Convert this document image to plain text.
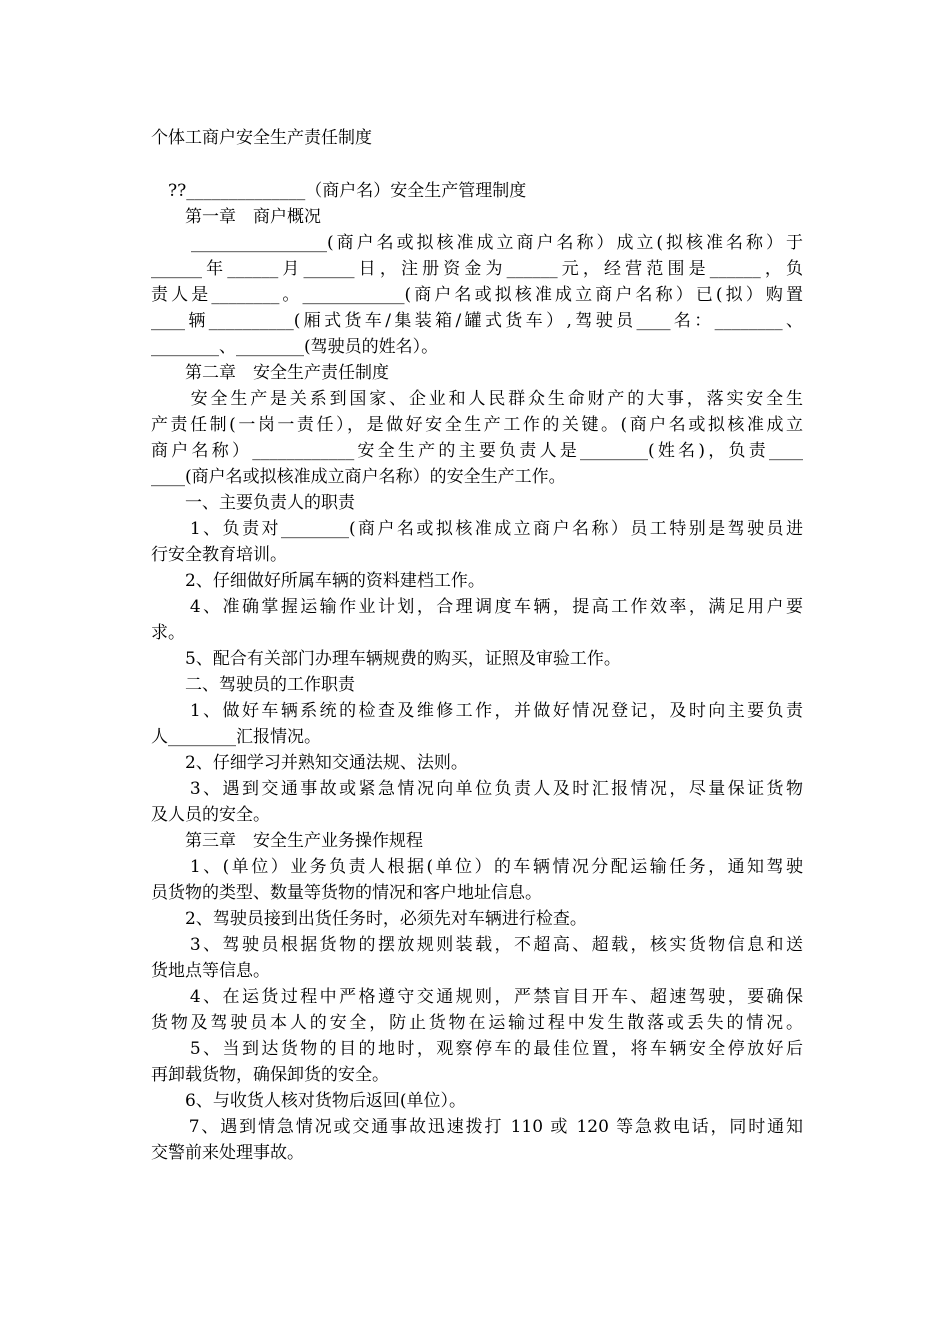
个体工商户安全生产责任制度
　??______________（商户名）安全生产管理制度
　　第一章　商户概况
　　________________(商户名或拟核准成立商户名称）成立(拟核准名称）于
______年______月______日，注册资金为______元，经营范围是______，负
责人是________。____________(商户名或拟核准成立商户名称）已(拟）购置
____辆__________(厢式货车/集装箱/罐式货车）,驾驶员____名：________、
________、________(驾驶员的姓名）。
　　第二章　安全生产责任制度
　　安全生产是关系到国家、企业和人民群众生命财产的大事，落实安全生
产责任制(一岗一责任），是做好安全生产工作的关键。(商户名或拟核准成立
商户名称）____________安全生产的主要负责人是________(姓名)，负责____
____(商户名或拟核准成立商户名称）的安全生产工作。
　　一、主要负责人的职责
　　1、负责对________(商户名或拟核准成立商户名称）员工特别是驾驶员进
行安全教育培训。
　　2、仔细做好所属车辆的资料建档工作。
　　4、准确掌握运输作业计划，合理调度车辆，提高工作效率，满足用户要
求。
　　5、配合有关部门办理车辆规费的购买，证照及审验工作。
　　二、驾驶员的工作职责
　　1、做好车辆系统的检查及维修工作，并做好情况登记，及时向主要负责
人________汇报情况。
　　2、仔细学习并熟知交通法规、法则。
　　3、遇到交通事故或紧急情况向单位负责人及时汇报情况，尽量保证货物
及人员的安全。
　　第三章　安全生产业务操作规程
　　1、(单位）业务负责人根据(单位）的车辆情况分配运输任务，通知驾驶
员货物的类型、数量等货物的情况和客户地址信息。
　　2、驾驶员接到出货任务时，必须先对车辆进行检查。
　　3、驾驶员根据货物的摆放规则装载，不超高、超载，核实货物信息和送
货地点等信息。
　　4、在运货过程中严格遵守交通规则，严禁盲目开车、超速驾驶，要确保
货物及驾驶员本人的安全，防止货物在运输过程中发生散落或丢失的情况。
　　5、当到达货物的目的地时，观察停车的最佳位置，将车辆安全停放好后
再卸载货物，确保卸货的安全。
　　6、与收货人核对货物后返回(单位）。
　　7、遇到情急情况或交通事故迅速拨打 110 或 120 等急救电话，同时通知
交警前来处理事故。
